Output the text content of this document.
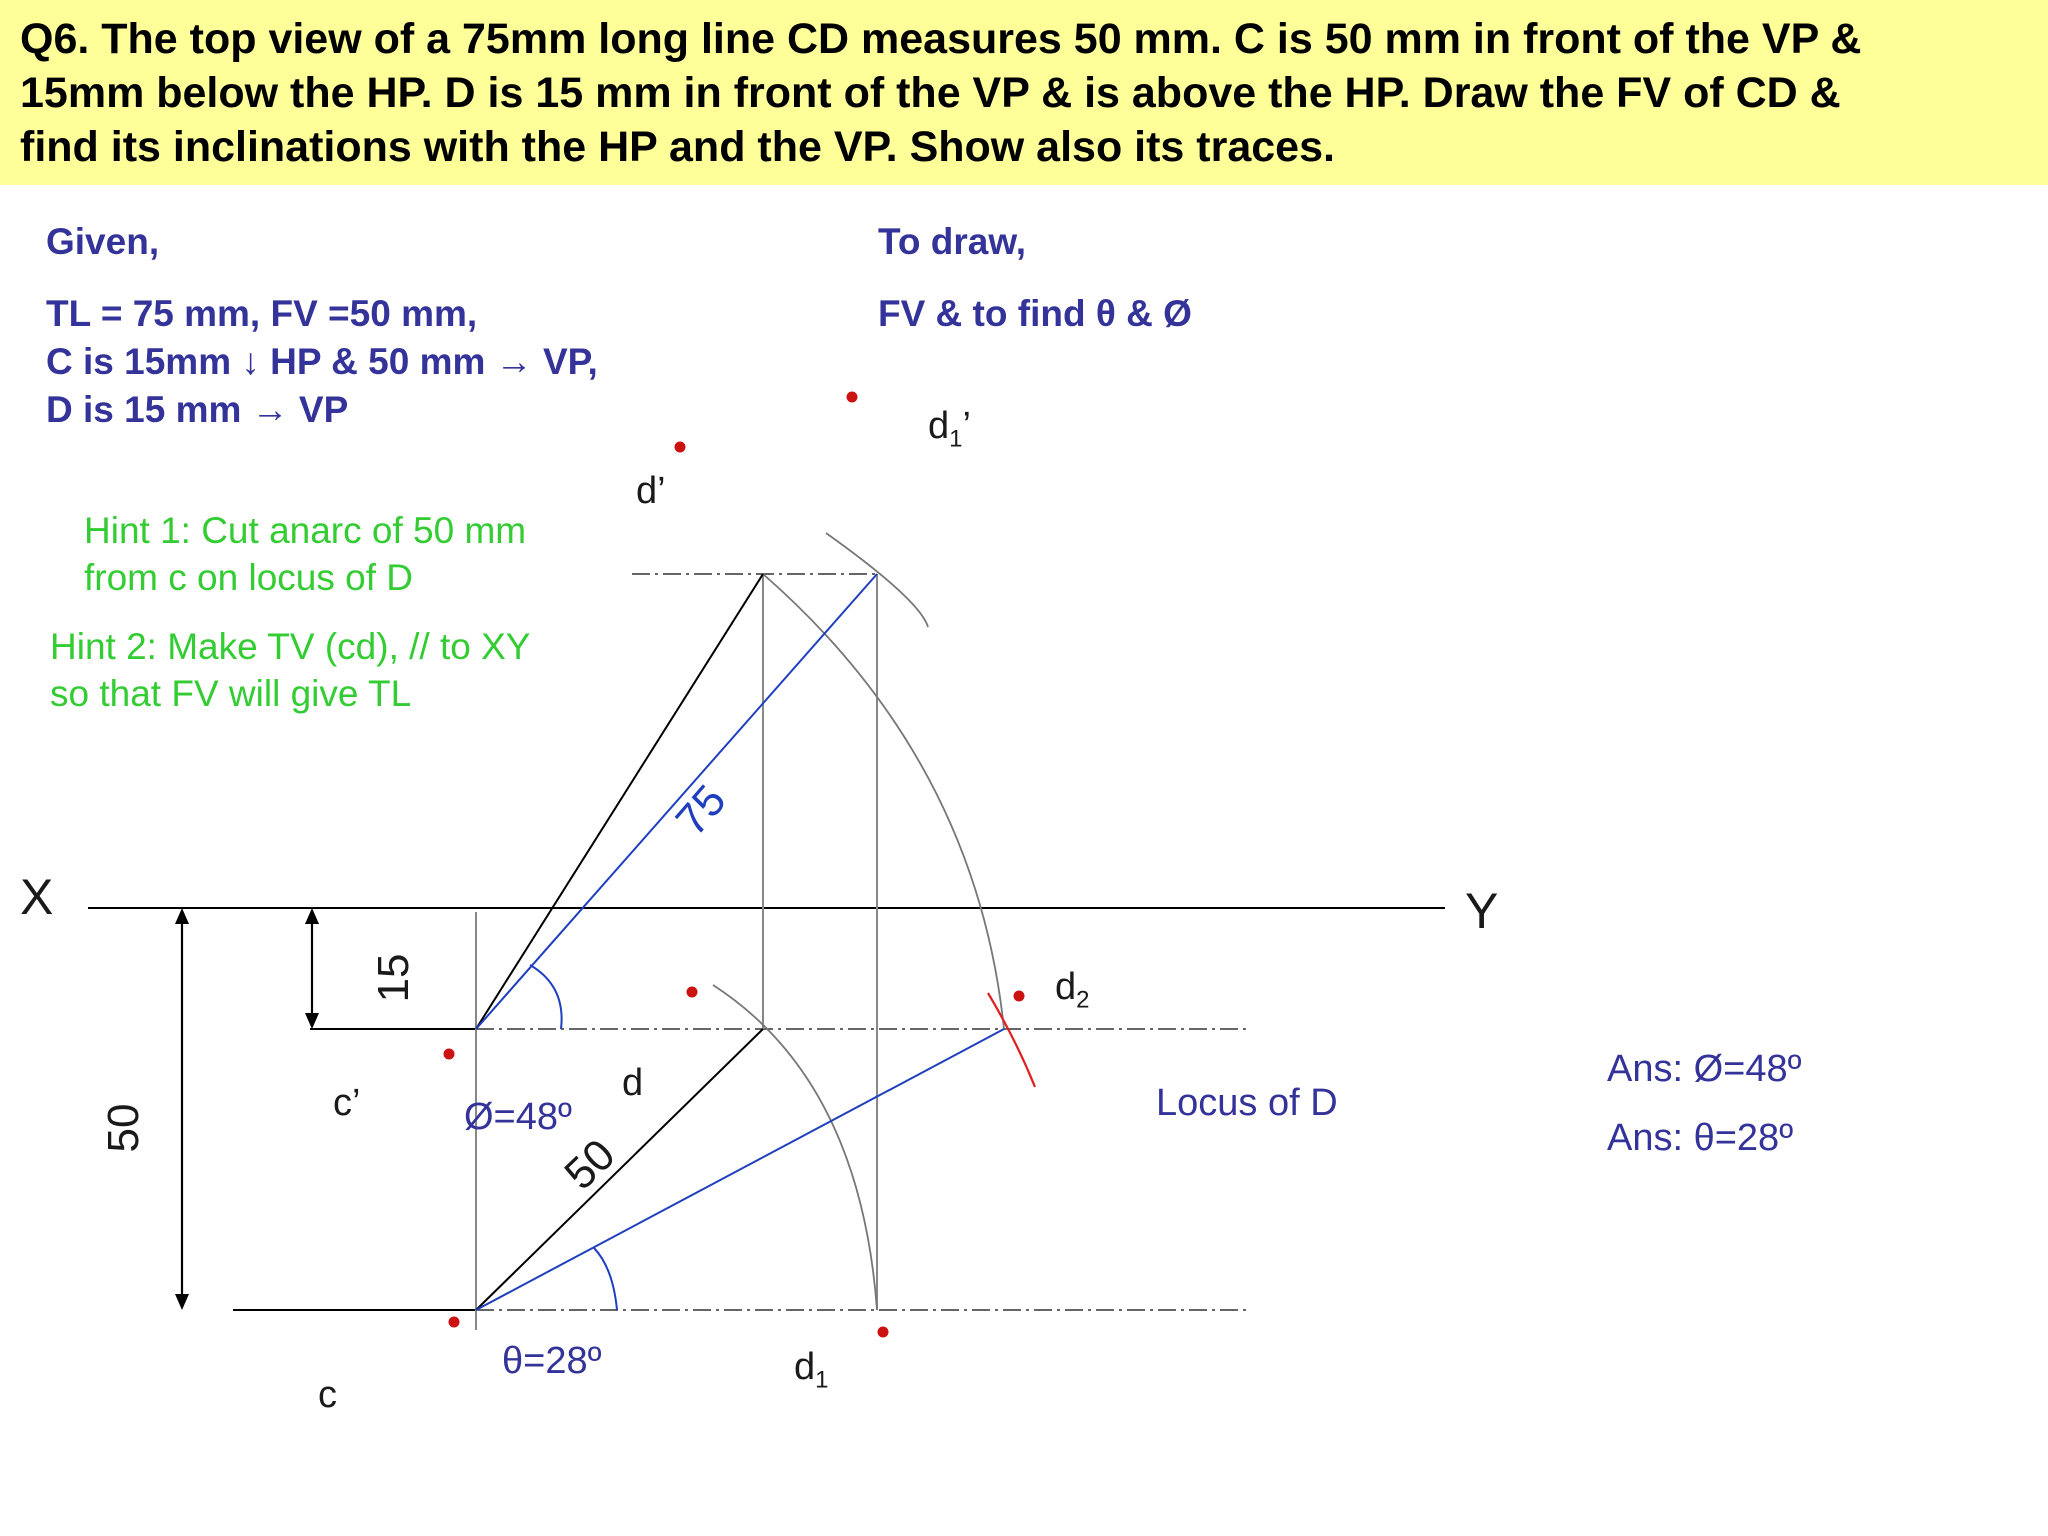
Q6. The top view of a 75mm long line CD measures 50 mm. C is 50 mm in front of the VP &
15mm below the HP. D is 15 mm in front of the VP & is above the HP. Draw the FV of CD &
find its inclinations with the HP and the VP. Show also its traces.
75
50
15
50
Given,
TL = 75 mm, FV =50 mm,
C is 15mm ↓ HP & 50 mm → VP,
D is 15 mm → VP
To draw,
FV & to find θ & Ø
Hint 1: Cut anarc of 50 mm
from c on locus of D
Hint 2: Make TV (cd), // to XY
so that FV will give TL
X	Y
d’
$d_1$’
c’	d
$d_2$
$d_1$
c
Ø=48º
θ=28º
Locus of D
Ans: Ø=48º
Ans: θ=28º
